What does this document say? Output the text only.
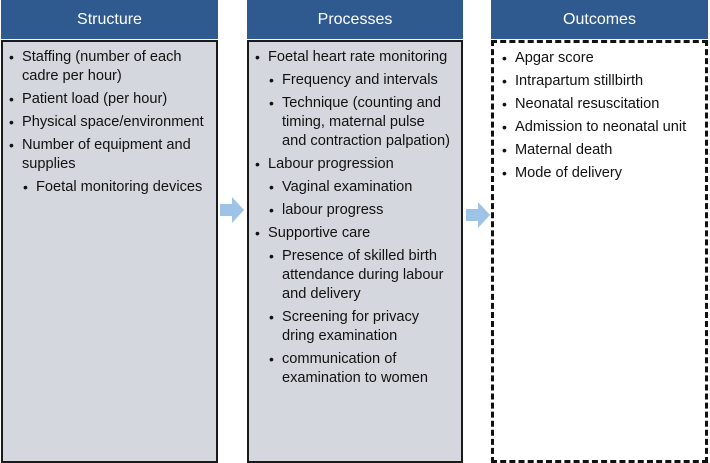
Structure
• Staffing (number of each cadre per hour)
• Patient load (per hour)
• Physical space/environment
• Number of equipment and supplies
• Foetal monitoring devices
Processes
• Foetal heart rate monitoring
• Frequency and intervals
• Technique (counting and timing, maternal pulse and contraction palpation)
• Labour progression
• Vaginal examination
• labour progress
• Supportive care
• Presence of skilled birth attendance during labour and delivery
• Screening for privacy dring examination
• communication of examination to women
Outcomes
• Apgar score
• Intrapartum stillbirth
• Neonatal resuscitation
• Admission to neonatal unit
• Maternal death
• Mode of delivery
